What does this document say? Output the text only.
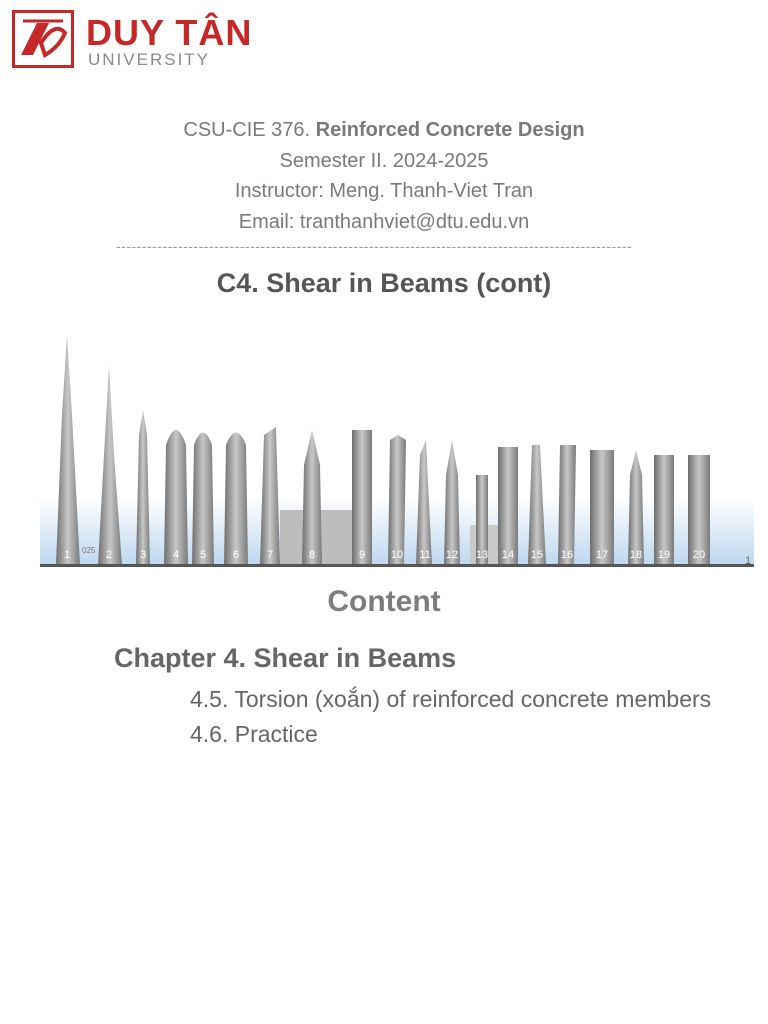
DUY TÂN
UNIVERSITY
CSU-CIE 376. Reinforced Concrete Design
Semester II. 2024-2025
Instructor: Meng. Thanh-Viet Tran
Email: tranthanhviet@dtu.edu.vn
----------------------------------------------------------------------------------------------------
C4. Shear in Beams (cont)
1	2	3 4 5 6	7	8	9 10 11 12 13 14 15 16 17 18 19 20
025
1
Content
Chapter 4. Shear in Beams
4.5. Torsion (xoắn) of reinforced concrete members
4.6. Practice
